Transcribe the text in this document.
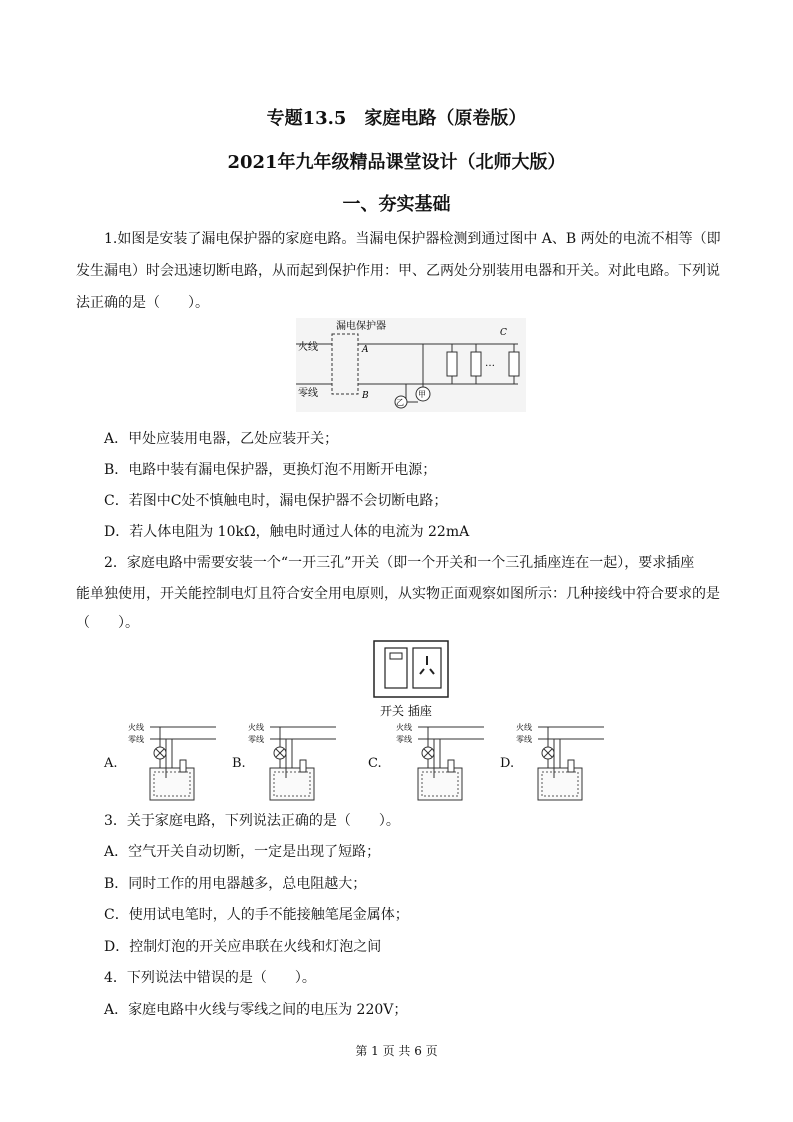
专题13.5　家庭电路（原卷版）
2021年九年级精品课堂设计（北师大版）
一、夯实基础
1.如图是安装了漏电保护器的家庭电路。当漏电保护器检测到通过图中 A、B 两处的电流不相等（即
发生漏电）时会迅速切断电路，从而起到保护作用：甲、乙两处分别装用电器和开关。对此电路。下列说
法正确的是（　　）。
漏电保护器
火线
零线
A
B
C
甲
乙
…
A．甲处应装用电器，乙处应装开关；
B．电路中装有漏电保护器，更换灯泡不用断开电源；
C．若图中C处不慎触电时，漏电保护器不会切断电路；
D．若人体电阻为 10kΩ，触电时通过人体的电流为 22mA
2．家庭电路中需要安装一个“一开三孔”开关（即一个开关和一个三孔插座连在一起），要求插座
能单独使用，开关能控制电灯且符合安全用电原则，从实物正面观察如图所示：几种接线中符合要求的是
（　　）。
开关 插座
A.
火线
零线
B.
火线
零线
C.
火线
零线
D.
火线
零线
3．关于家庭电路，下列说法正确的是（　　）。
A．空气开关自动切断，一定是出现了短路；
B．同时工作的用电器越多，总电阻越大；
C．使用试电笔时，人的手不能接触笔尾金属体；
D．控制灯泡的开关应串联在火线和灯泡之间
4．下列说法中错误的是（　　）。
A．家庭电路中火线与零线之间的电压为 220V；
第 1 页 共 6 页
